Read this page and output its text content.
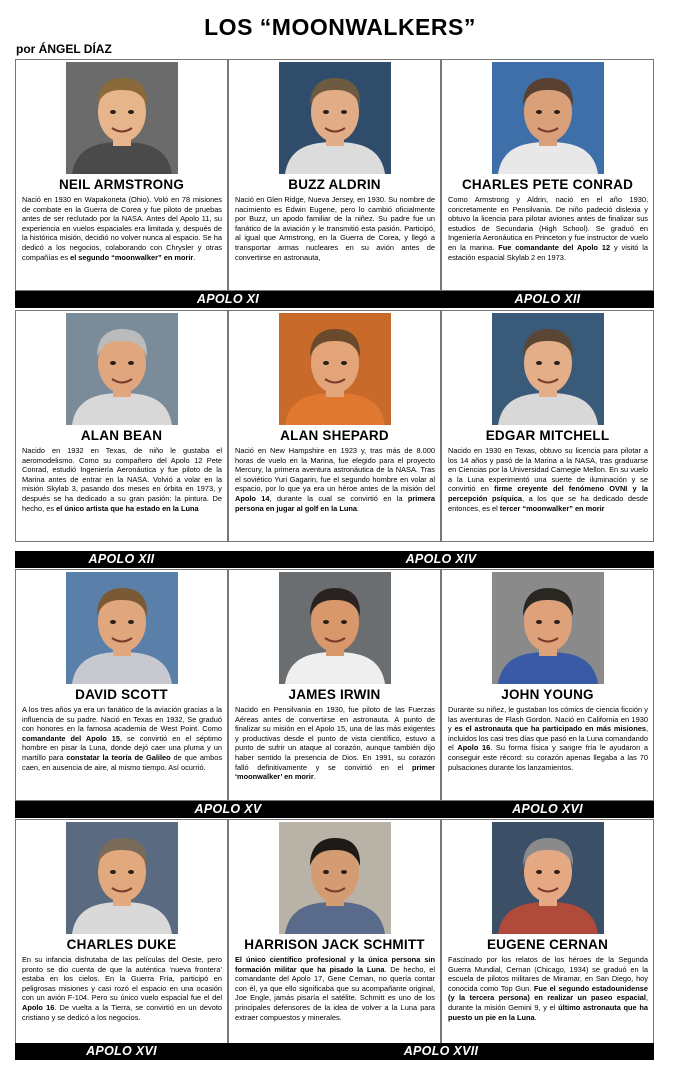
LOS “MOONWALKERS”
por ÁNGEL DÍAZ
NEIL ARMSTRONG
Nació en 1930 en Wapakoneta (Ohio). Voló en 78 misiones de combate en la Guerra de Corea y fue piloto de pruebas antes de ser reclutado por la NASA. Antes del Apolo 11, su experiencia en vuelos espaciales era limitada y, después de la histórica misión, decidió no volver nunca al espacio. Se ha dedicó a los negocios, colaborando con Chrysler y otras compañías es el segundo “moonwalker” en morir.
BUZZ ALDRIN
Nació en Glen Ridge, Nueva Jersey, en 1930. Su nombre de nacimiento es Edwin Eugene, pero lo cambió oficialmente por Buzz, un apodo familiar de la niñez. Su padre fue un fanático de la aviación y le transmitió esta pasión. Participó, al igual que Armstrong, en la Guerra de Corea, y llegó a transportar armas nucleares en su avión antes de convertirse en astronauta,
CHARLES PETE CONRAD
Como Armstrong y Aldrin, nació en el año 1930, concretamente en Pensilvania. De niño padeció dislexia y obtuvo la licencia para pilotar aviones antes de finalizar sus estudios de Secundaria (High School). Se graduó en Ingeniería Aeronáutica en Princeton y fue instructor de vuelo en la marina. Fue comandante del Apolo 12 y visitó la estación espacial Skylab 2 en 1973.
APOLO XI	APOLO XII
ALAN BEAN
Nacido en 1932 en Texas, de niño le gustaba el aeromodelismo. Como su compañero del Apolo 12 Pete Conrad, estudió Ingeniería Aeronáutica y fue piloto de la Marina antes de entrar en la NASA. Volvió a volar en la misión Skylab 3, pasando dos meses en órbita en 1973, y después se ha dedicado a su gran pasión: la pintura. De hecho, es el único artista que ha estado en la Luna
ALAN SHEPARD
Nació en New Hampshire en 1923 y, tras más de 8.000 horas de vuelo en la Marina, fue elegido para el proyecto Mercury, la primera aventura astronáutica de la NASA. Tras el soviético Yuri Gagarin, fue el segundo hombre en volar al espacio, por lo que ya era un héroe antes de la misión del Apolo 14, durante la cual se convirtió en la primera persona en jugar al golf en la Luna.
EDGAR MITCHELL
Nacido en 1930 en Texas, obtuvo su licencia para pilotar a los 14 años y pasó de la Marina a la NASA, tras graduarse en Ciencias por la Universidad Carnegie Mellon. En su vuelo a la Luna experimentó una suerte de iluminación y se convirtió en firme creyente del fenómeno OVNI y la percepción psíquica, a los que se ha dedicado desde entonces, es el tercer “moonwalker” en morir
APOLO XII	APOLO XIV
DAVID SCOTT
A los tres años ya era un fanático de la aviación gracias a la influencia de su padre. Nació en Texas en 1932, Se graduó con honores en la famosa academia de West Point. Como comandante del Apolo 15, se convirtió en el séptimo hombre en pisar la Luna, donde dejó caer una pluma y un martillo para constatar la teoría de Galileo de que ambos caen, en ausencia de aire, al mismo tiempo. Así ocurrió.
JAMES IRWIN
Nacido en Pensilvania en 1930, fue piloto de las Fuerzas Aéreas antes de convertirse en astronauta. A punto de finalizar su misión en el Apolo 15, una de las más exigentes y productivas desde el punto de vista científico, estuvo a punto de sufrir un ataque al corazón, aunque también dijo haber sentido la presencia de Dios. En 1991, su corazón falló definitivamente y se convirtió en el primer ‘moonwalker’ en morir.
JOHN YOUNG
Durante su niñez, le gustaban los cómics de ciencia ficción y las aventuras de Flash Gordon. Nació en California en 1930 y es el astronauta que ha participado en más misiones, incluidos los casi tres días que pasó en la Luna comandando el Apolo 16. Su forma física y sangre fría le ayudaron a conseguir este récord: su corazón apenas llegaba a las 70 pulsaciones durante los lanzamientos.
APOLO XV	APOLO XVI
CHARLES DUKE
En su infancia disfrutaba de las películas del Oeste, pero pronto se dio cuenta de que la auténtica ‘nueva frontera’ estaba en los cielos. En la Guerra Fría, participó en peligrosas misiones y casi rozó el espacio en una ocasión con un avión F-104. Pero su único vuelo espacial fue el del Apolo 16. De vuelta a la Tierra, se convirtió en un devoto cristiano y se dedicó a los negocios.
HARRISON JACK SCHMITT
El único científico profesional y la única persona sin formación militar que ha pisado la Luna. De hecho, el comandante del Apolo 17, Gene Cernan, no quería contar con él, ya que ello significaba que su acompañante original, Joe Engle, jamás pisaría el satélite. Schmitt es uno de los principales defensores de la idea de volver a la Luna para extraer compuestos y minerales.
EUGENE CERNAN
Fascinado por los relatos de los héroes de la Segunda Guerra Mundial, Cernan (Chicago, 1934) se graduó en la escuela de pilotos militares de Miramar, en San Diego, hoy conocida como Top Gun. Fue el segundo estadounidense (y la tercera persona) en realizar un paseo espacial, durante la misión Gemini 9, y el último astronauta que ha puesto un pie en la Luna.
APOLO XVI	APOLO XVII
